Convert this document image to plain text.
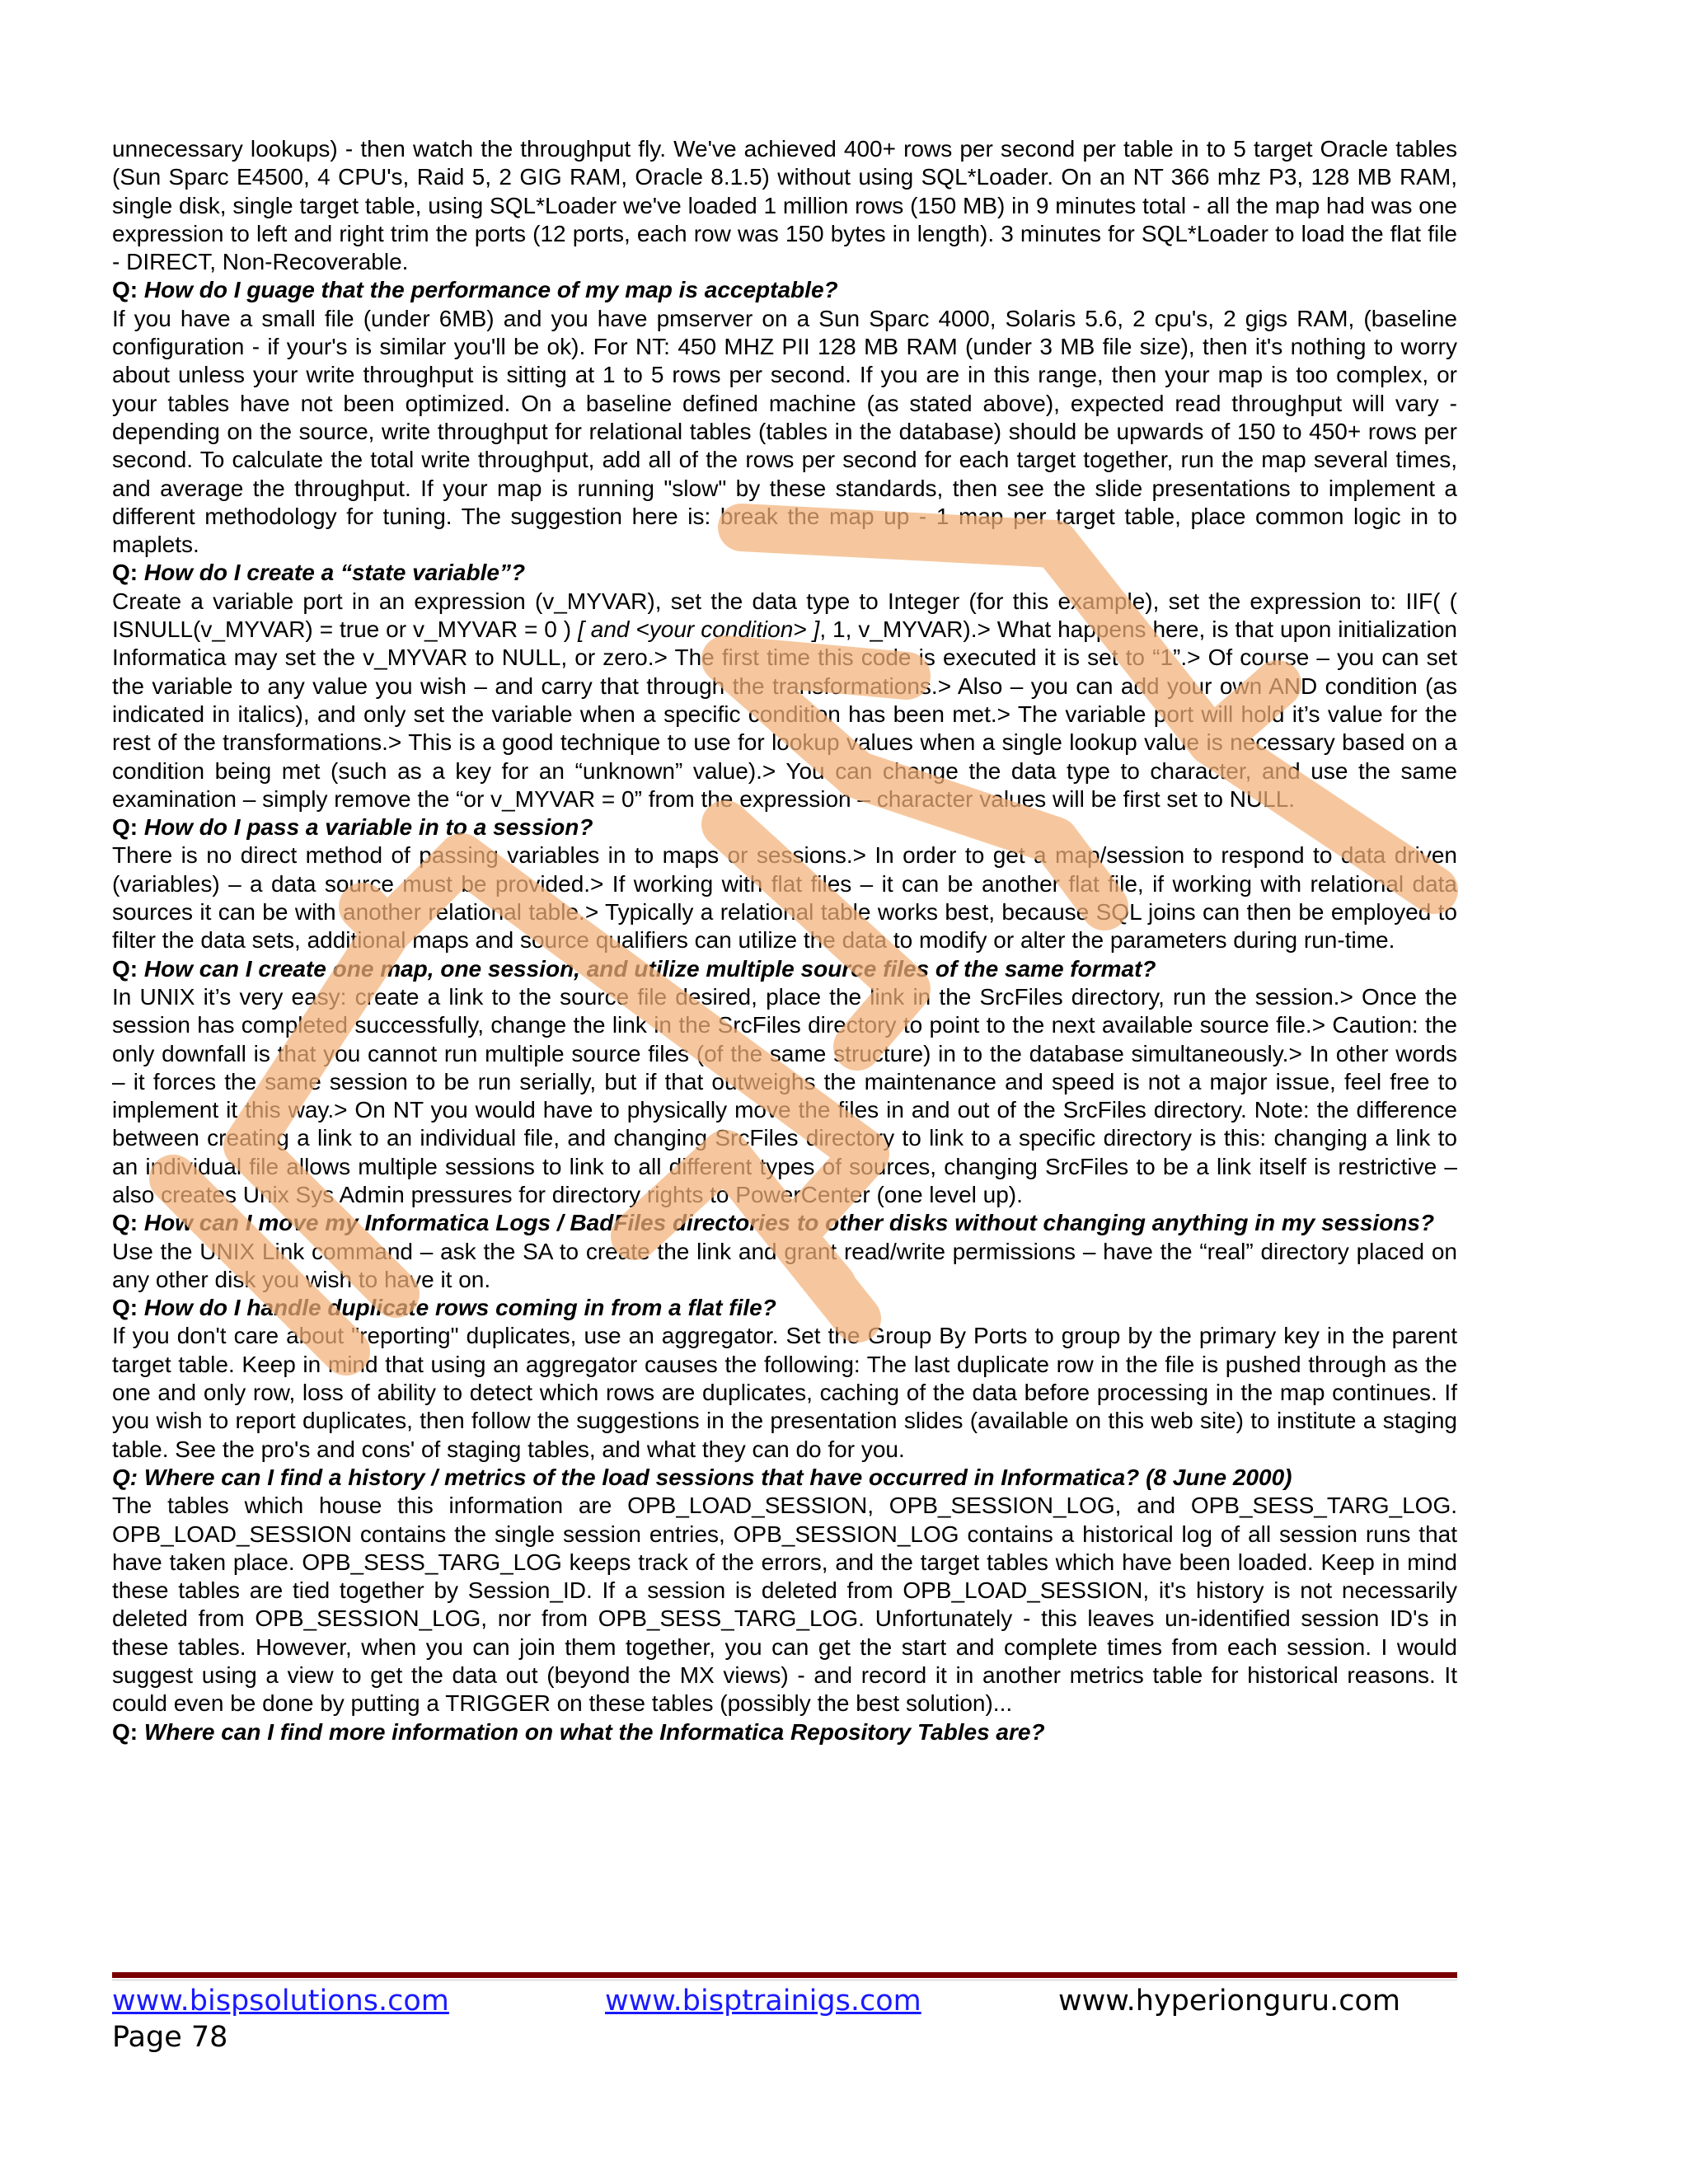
unnecessary lookups) - then watch the throughput fly. We've achieved 400+ rows per second per table in to 5 target Oracle tables (Sun Sparc E4500, 4 CPU's, Raid 5, 2 GIG RAM, Oracle 8.1.5) without using SQL*Loader. On an NT 366 mhz P3, 128 MB RAM, single disk, single target table, using SQL*Loader we've loaded 1 million rows (150 MB) in 9 minutes total - all the map had was one expression to left and right trim the ports (12 ports, each row was 150 bytes in length). 3 minutes for SQL*Loader to load the flat file - DIRECT, Non-Recoverable.

Q: How do I guage that the performance of my map is acceptable?

If you have a small file (under 6MB) and you have pmserver on a Sun Sparc 4000, Solaris 5.6, 2 cpu's, 2 gigs RAM, (baseline configuration - if your's is similar you'll be ok). For NT: 450 MHZ PII 128 MB RAM (under 3 MB file size), then it's nothing to worry about unless your write throughput is sitting at 1 to 5 rows per second. If you are in this range, then your map is too complex, or your tables have not been optimized. On a baseline defined machine (as stated above), expected read throughput will vary - depending on the source, write throughput for relational tables (tables in the database) should be upwards of 150 to 450+ rows per second. To calculate the total write throughput, add all of the rows per second for each target together, run the map several times, and average the throughput. If your map is running "slow" by these standards, then see the slide presentations to implement a different methodology for tuning. The suggestion here is: break the map up - 1 map per target table, place common logic in to maplets.

Q: How do I create a “state variable”?

Create a variable port in an expression (v_MYVAR), set the data type to Integer (for this example), set the expression to: IIF( ( ISNULL(v_MYVAR) = true or v_MYVAR = 0 ) [ and <your condition> ], 1, v_MYVAR).> What happens here, is that upon initialization Informatica may set the v_MYVAR to NULL, or zero.> The first time this code is executed it is set to “1”.> Of course – you can set the variable to any value you wish – and carry that through the transformations.> Also – you can add your own AND condition (as indicated in italics), and only set the variable when a specific condition has been met.> The variable port will hold it’s value for the rest of the transformations.> This is a good technique to use for lookup values when a single lookup value is necessary based on a condition being met (such as a key for an “unknown” value).> You can change the data type to character, and use the same examination – simply remove the “or v_MYVAR = 0” from the expression – character values will be first set to NULL.

Q: How do I pass a variable in to a session?

There is no direct method of passing variables in to maps or sessions.> In order to get a map/session to respond to data driven (variables) – a data source must be provided.> If working with flat files – it can be another flat file, if working with relational data sources it can be with another relational table.> Typically a relational table works best, because SQL joins can then be employed to filter the data sets, additional maps and source qualifiers can utilize the data to modify or alter the parameters during run-time.

Q: How can I create one map, one session, and utilize multiple source files of the same format?

In UNIX it’s very easy: create a link to the source file desired, place the link in the SrcFiles directory, run the session.> Once the session has completed successfully, change the link in the SrcFiles directory to point to the next available source file.> Caution: the only downfall is that you cannot run multiple source files (of the same structure) in to the database simultaneously.> In other words – it forces the same session to be run serially, but if that outweighs the maintenance and speed is not a major issue, feel free to implement it this way.> On NT you would have to physically move the files in and out of the SrcFiles directory. Note: the difference between creating a link to an individual file, and changing SrcFiles directory to link to a specific directory is this: changing a link to an individual file allows multiple sessions to link to all different types of sources, changing SrcFiles to be a link itself is restrictive – also creates Unix Sys Admin pressures for directory rights to PowerCenter (one level up).

Q: How can I move my Informatica Logs / BadFiles directories to other disks without changing anything in my sessions?

Use the UNIX Link command – ask the SA to create the link and grant read/write permissions – have the “real” directory placed on any other disk you wish to have it on.

Q: How do I handle duplicate rows coming in from a flat file?

If you don't care about "reporting" duplicates, use an aggregator. Set the Group By Ports to group by the primary key in the parent target table. Keep in mind that using an aggregator causes the following: The last duplicate row in the file is pushed through as the one and only row, loss of ability to detect which rows are duplicates, caching of the data before processing in the map continues. If you wish to report duplicates, then follow the suggestions in the presentation slides (available on this web site) to institute a staging table. See the pro's and cons' of staging tables, and what they can do for you.

Q: Where can I find a history / metrics of the load sessions that have occurred in Informatica? (8 June 2000)

The tables which house this information are OPB_LOAD_SESSION, OPB_SESSION_LOG, and OPB_SESS_TARG_LOG. OPB_LOAD_SESSION contains the single session entries, OPB_SESSION_LOG contains a historical log of all session runs that have taken place. OPB_SESS_TARG_LOG keeps track of the errors, and the target tables which have been loaded. Keep in mind these tables are tied together by Session_ID. If a session is deleted from OPB_LOAD_SESSION, it's history is not necessarily deleted from OPB_SESSION_LOG, nor from OPB_SESS_TARG_LOG. Unfortunately - this leaves un-identified session ID's in these tables. However, when you can join them together, you can get the start and complete times from each session. I would suggest using a view to get the data out (beyond the MX views) - and record it in another metrics table for historical reasons. It could even be done by putting a TRIGGER on these tables (possibly the best solution)...

Q: Where can I find more information on what the Informatica Repository Tables are?

www.bispsolutions.com	www.bisptrainigs.com	www.hyperionguru.com
Page 78
